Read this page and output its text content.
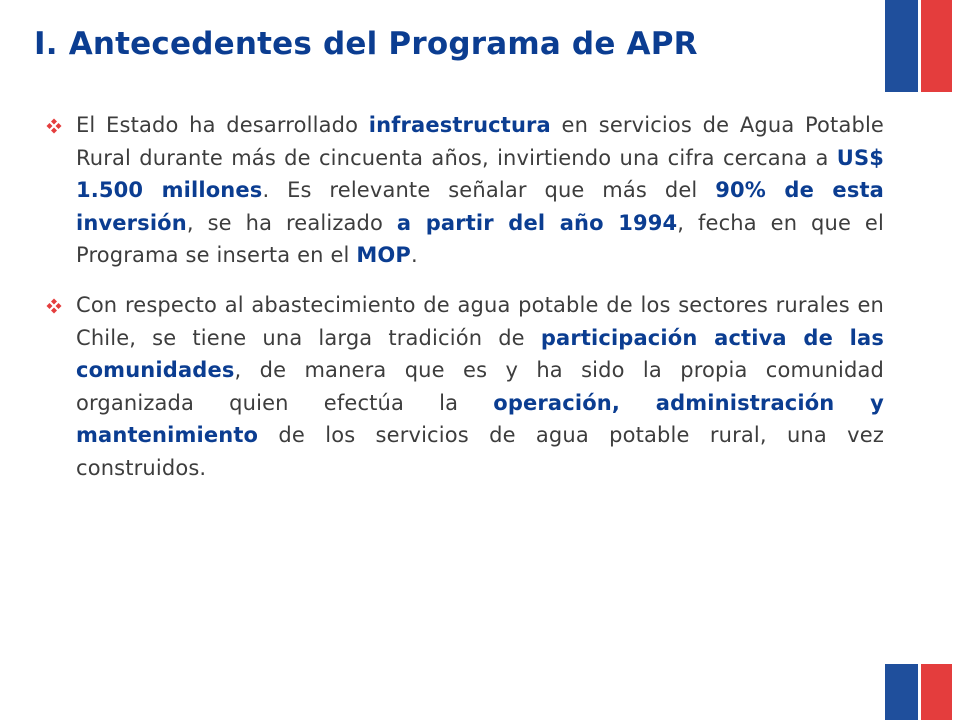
I. Antecedentes del Programa de APR
El Estado ha desarrollado infraestructura en servicios de Agua Potable Rural durante más de cincuenta años, invirtiendo una cifra cercana a US$ 1.500 millones. Es relevante señalar que más del 90% de esta inversión, se ha realizado a partir del año 1994, fecha en que el Programa se inserta en el MOP.
Con respecto al abastecimiento de agua potable de los sectores rurales en Chile, se tiene una larga tradición de participación activa de las comunidades, de manera que es y ha sido la propia comunidad organizada quien efectúa la operación, administración y mantenimiento de los servicios de agua potable rural, una vez construidos.
